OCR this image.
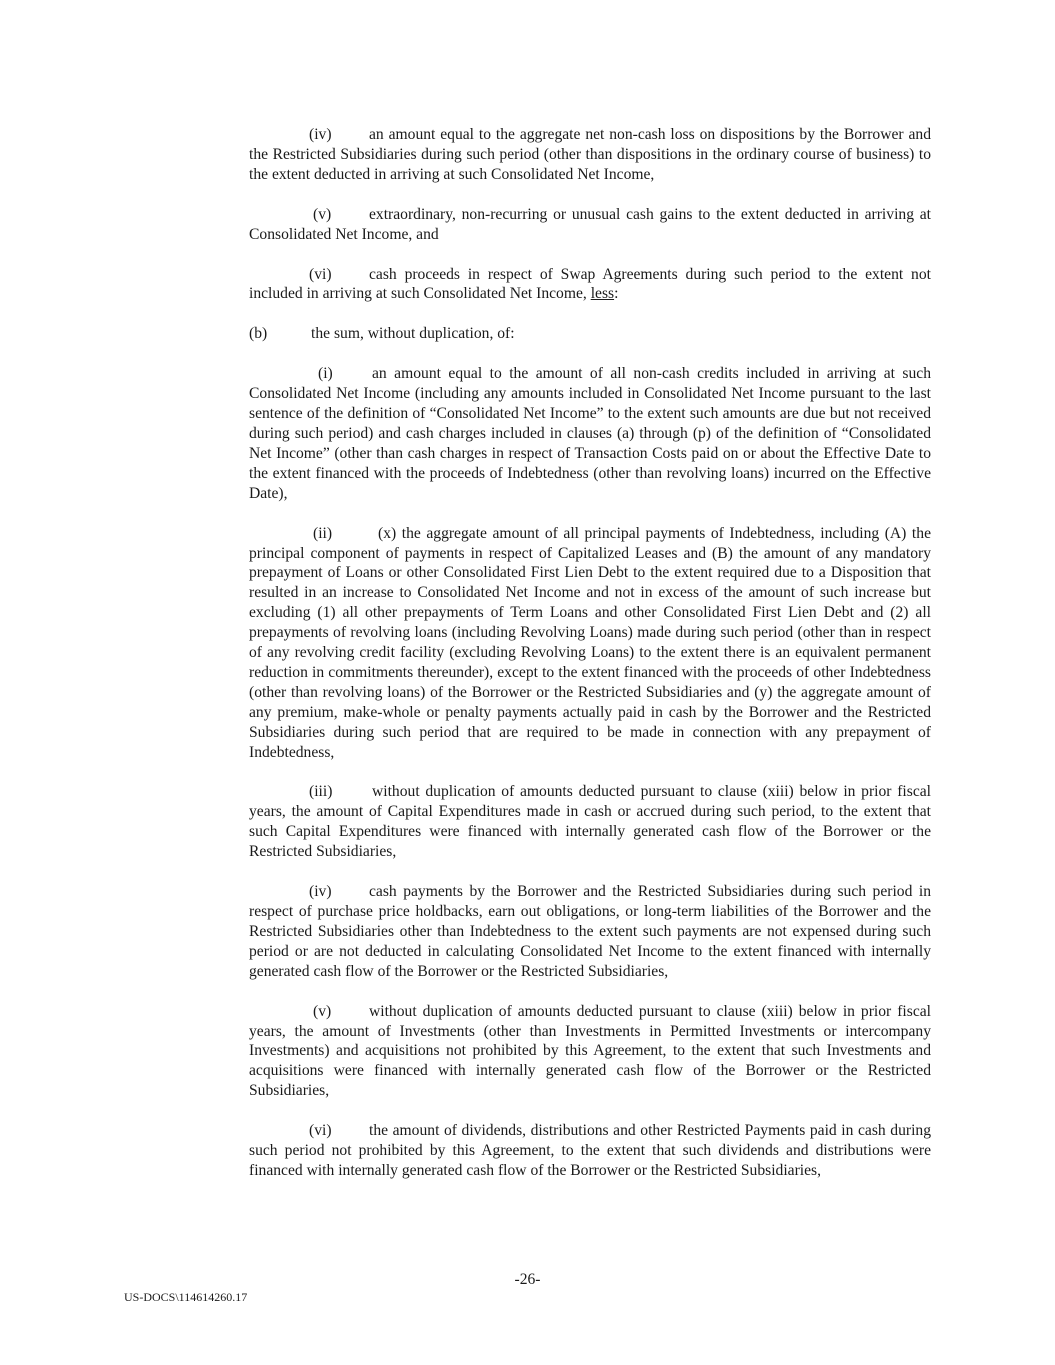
(iv) an amount equal to the aggregate net non-cash loss on dispositions by the Borrower and the Restricted Subsidiaries during such period (other than dispositions in the ordinary course of business) to the extent deducted in arriving at such Consolidated Net Income,

(v) extraordinary, non-recurring or unusual cash gains to the extent deducted in arriving at Consolidated Net Income, and

(vi) cash proceeds in respect of Swap Agreements during such period to the extent not included in arriving at such Consolidated Net Income, less:

(b)	the sum, without duplication, of:

(i)	an amount equal to the amount of all non-cash credits included in arriving at such Consolidated Net Income (including any amounts included in Consolidated Net Income pursuant to the last sentence of the definition of “Consolidated Net Income” to the extent such amounts are due but not received during such period) and cash charges included in clauses (a) through (p) of the definition of “Consolidated Net Income” (other than cash charges in respect of Transaction Costs paid on or about the Effective Date to the extent financed with the proceeds of Indebtedness (other than revolving loans) incurred on the Effective Date),

(ii)	(x) the aggregate amount of all principal payments of Indebtedness, including (A) the principal component of payments in respect of Capitalized Leases and (B) the amount of any mandatory prepayment of Loans or other Consolidated First Lien Debt to the extent required due to a Disposition that resulted in an increase to Consolidated Net Income and not in excess of the amount of such increase but excluding (1) all other prepayments of Term Loans and other Consolidated First Lien Debt and (2) all prepayments of revolving loans (including Revolving Loans) made during such period (other than in respect of any revolving credit facility (excluding Revolving Loans) to the extent there is an equivalent permanent reduction in commitments thereunder), except to the extent financed with the proceeds of other Indebtedness (other than revolving loans) of the Borrower or the Restricted Subsidiaries and (y) the aggregate amount of any premium, make-whole or penalty payments actually paid in cash by the Borrower and the Restricted Subsidiaries during such period that are required to be made in connection with any prepayment of Indebtedness,

(iii)	without duplication of amounts deducted pursuant to clause (xiii) below in prior fiscal years, the amount of Capital Expenditures made in cash or accrued during such period, to the extent that such Capital Expenditures were financed with internally generated cash flow of the Borrower or the Restricted Subsidiaries,

(iv) cash payments by the Borrower and the Restricted Subsidiaries during such period in respect of purchase price holdbacks, earn out obligations, or long-term liabilities of the Borrower and the Restricted Subsidiaries other than Indebtedness to the extent such payments are not expensed during such period or are not deducted in calculating Consolidated Net Income to the extent financed with internally generated cash flow of the Borrower or the Restricted Subsidiaries,

(v) without duplication of amounts deducted pursuant to clause (xiii) below in prior fiscal years, the amount of Investments (other than Investments in Permitted Investments or intercompany Investments) and acquisitions not prohibited by this Agreement, to the extent that such Investments and acquisitions were financed with internally generated cash flow of the Borrower or the Restricted Subsidiaries,

(vi) the amount of dividends, distributions and other Restricted Payments paid in cash during such period not prohibited by this Agreement, to the extent that such dividends and distributions were financed with internally generated cash flow of the Borrower or the Restricted Subsidiaries,

-26-
US-DOCS\114614260.17
